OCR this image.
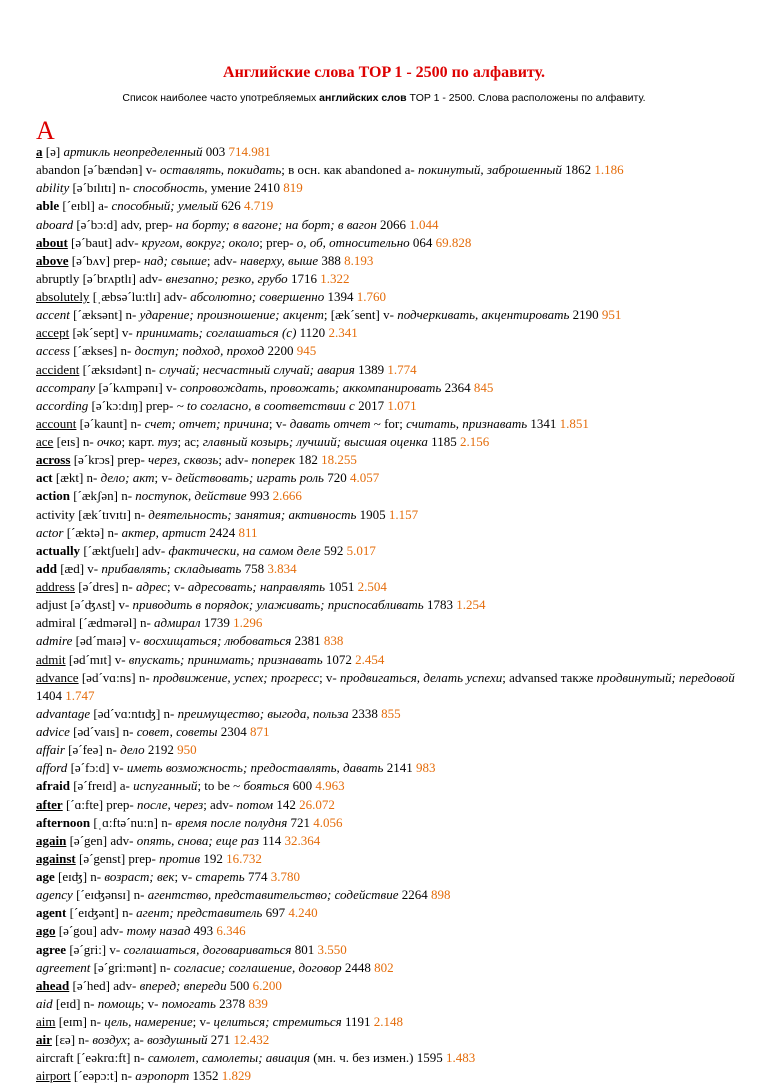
Английские слова TOP 1 - 2500 по алфавиту.
Список наиболее часто употребляемых английских слов TOP 1 - 2500. Слова расположены по алфавиту.
A
a [ə] артикль неопределенный 003 714.981
abandon [əˊbændən] v- оставлять, покидать; в осн. как abandoned a- покинутый, заброшенный 1862 1.186
ability [əˊbɪlɪtɪ] n- способность, умение 2410 819
able [ˊeɪbl] a- способный; умелый 626 4.719
aboard [əˊbɔ:d] adv, prep- на борту; в вагоне; на борт; в вагон 2066 1.044
about [əˊbaut] adv- кругом, вокруг; около; prep- о, об, относительно 064 69.828
above [əˊbʌv] prep- над; свыше; adv- наверху, выше 388 8.193
abruptly [əˊbrʌptlɪ] adv- внезапно; резко, грубо 1716 1.322
absolutely [ˌæbsəˊlu:tlɪ] adv- абсолютно; совершенно 1394 1.760
accent [ˊæksənt] n- ударение; произношение; акцент; [ækˊsent] v- подчеркивать, акцентировать 2190 951
accept [əkˊsept] v- принимать; соглашаться (с) 1120 2.341
access [ˊækses] n- доступ; подход, проход 2200 945
accident [ˊæksɪdənt] n- случай; несчастный случай; авария 1389 1.774
accompany [əˊkʌmpənɪ] v- сопровождать, провожать; аккомпанировать 2364 845
according [əˊkɔ:dɪŋ] prep- ~ to согласно, в соответствии с 2017 1.071
account [əˊkaunt] n- счет; отчет; причина; v- давать отчет ~ for; считать, признавать 1341 1.851
ace [eɪs] n- очко; карт. туз; ас; главный козырь; лучший; высшая оценка 1185 2.156
across [əˊkrɔs] prep- через, сквозь; adv- поперек 182 18.255
act [ækt] n- дело; акт; v- действовать; играть роль 720 4.057
action [ˊækʃən] n- поступок, действие 993 2.666
activity [ækˊtɪvɪtɪ] n- деятельность; занятия; активность 1905 1.157
actor [ˊæktə] n- актер, артист 2424 811
actually [ˊæktʃuelɪ] adv- фактически, на самом деле 592 5.017
add [æd] v- прибавлять; складывать 758 3.834
address [əˊdres] n- адрес; v- адресовать; направлять 1051 2.504
adjust [əˊʤʌst] v- приводить в порядок; улаживать; приспосабливать 1783 1.254
admiral [ˊædmərəl] n- адмирал 1739 1.296
admire [ədˊmaɪə] v- восхищаться; любоваться 2381 838
admit [ədˊmɪt] v- впускать; принимать; признавать 1072 2.454
advance [ədˊvɑ:ns] n- продвижение, успех; прогресс; v- продвигаться, делать успехи; advansed также продвинутый; передовой 1404 1.747
advantage [ədˊvɑ:ntɪʤ] n- преимущество; выгода, польза 2338 855
advice [ədˊvaɪs] n- совет, советы 2304 871
affair [əˊfeə] n- дело 2192 950
afford [əˊfɔ:d] v- иметь возможность; предоставлять, давать 2141 983
afraid [əˊfreɪd] a- испуганный; to be ~ бояться 600 4.963
after [ˊɑ:fte] prep- после, через; adv- потом 142 26.072
afternoon [ˌɑ:ftəˊnu:n] n- время после полудня 721 4.056
again [əˊgen] adv- опять, снова; еще раз 114 32.364
against [əˊgenst] prep- против 192 16.732
age [eɪʤ] n- возраст; век; v- стареть 774 3.780
agency [ˊeɪʤənsɪ] n- агентство, представительство; содействие 2264 898
agent [ˊeɪʤənt] n- агент; представитель 697 4.240
ago [əˊgou] adv- тому назад 493 6.346
agree [əˊgri:] v- соглашаться, договариваться 801 3.550
agreement [əˊgri:mənt] n- согласие; соглашение, договор 2448 802
ahead [əˊhed] adv- вперед; впереди 500 6.200
aid [eɪd] n- помощь; v- помогать 2378 839
aim [eɪm] n- цель, намерение; v- целиться; стремиться 1191 2.148
air [ɛə] n- воздух; a- воздушный 271 12.432
aircraft [ˊeəkrɑ:ft] n- самолет, самолеты; авиация (мн. ч. без измен.) 1595 1.483
airport [ˊeəpɔ:t] n- аэропорт 1352 1.829
